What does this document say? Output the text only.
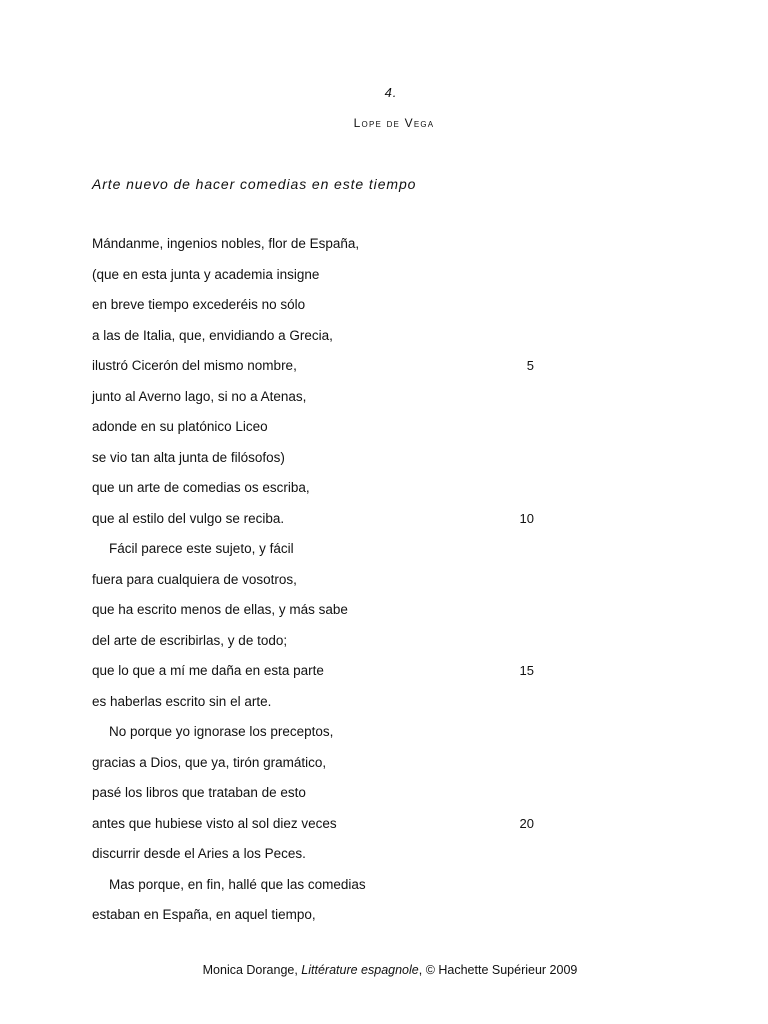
4.
Lope de Vega
Arte nuevo de hacer comedias en este tiempo
Mándanme, ingenios nobles, flor de España,
(que en esta junta y academia insigne
en breve tiempo excederéis no sólo
a las de Italia, que, envidiando a Grecia,
ilustró Cicerón del mismo nombre,	5
junto al Averno lago, si no a Atenas,
adonde en su platónico Liceo
se vio tan alta junta de filósofos)
que un arte de comedias os escriba,
que al estilo del vulgo se reciba.	10
Fácil parece este sujeto, y fácil
fuera para cualquiera de vosotros,
que ha escrito menos de ellas, y más sabe
del arte de escribirlas, y de todo;
que lo que a mí me daña en esta parte	15
es haberlas escrito sin el arte.
No porque yo ignorase los preceptos,
gracias a Dios, que ya, tirón gramático,
pasé los libros que trataban de esto
antes que hubiese visto al sol diez veces	20
discurrir desde el Aries a los Peces.
Mas porque, en fin, hallé que las comedias
estaban en España, en aquel tiempo,
Monica Dorange, Littérature espagnole, © Hachette Supérieur 2009
